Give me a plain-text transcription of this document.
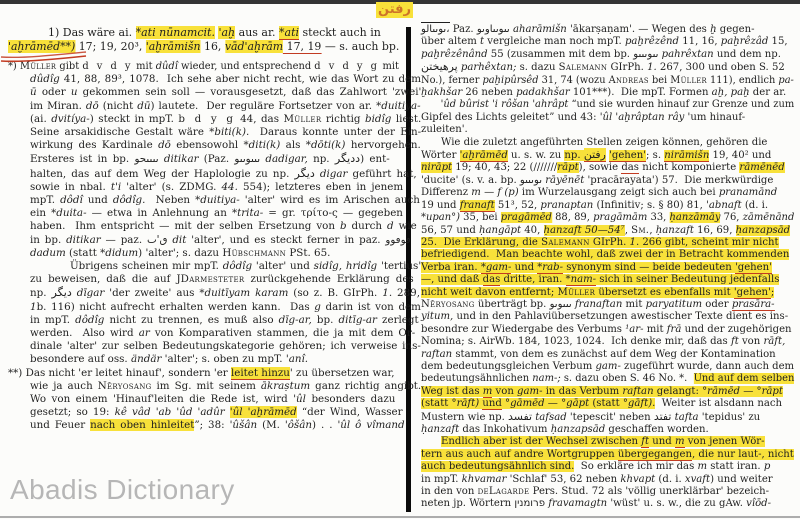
رفتن
1) Das wäre ai. *ati nūnamcit. 'aḫ aus ar. *ati steckt auch in
'aḫrāmēd**) 17; 19, 20³, 'aḫrāmišn 16, vād'aḫrām 17, 19 — s. auch bp.
*) Müller gibt d v d y mit dûdî wieder, und entsprechend d v d y g mit
dûdîg 41, 88, 89³, 1078.  Ich sehe aber nicht recht, wie das Wort zu dem
ū oder u gekommen sein soll — vorausgesetzt, daß das Zahlwort 'zwei'
im Miran. dō (nicht dū) lautete.  Der reguläre Fortsetzer von ar. *duitiya-
(ai. dvitíya-) steckt in mpT. b d y g 44, das Müller richtig bidîg liest.
Seine arsakidische Gestalt wäre *biti(k).  Daraus konnte unter der Ein-
wirkung des Kardinale dō ebensowohl *diti(k) als *dōti(k) hervorgehen.
Ersteres ist in bp. ٮٮٮٮحو ditikar (Paz. ٮٮٮوٮىو dadigar, np. دديگر) ent-
halten, das auf dem Weg der Haplologie zu np. ديگر digar geführt hat,
sowie in nbal. t'i 'alter' (s. ZDMG. 44. 554); letzteres eben in jenem
mpT. dôdî und dôdîg.  Neben *duitiya- 'alter' wird es im Arischen auch
ein *duita- — etwa in Anlehnung an *trita- = gr. τρίτο-ς — gegeben
haben.  Ihm entspricht — mit der selben Ersetzung von b durch d wie
in bp. ditikar — paz. ٯ'ٮ dit 'alter', und es steckt ferner in paz. ٯوٯوو
dadum (statt *didum) 'alter'; s. dazu Hübschmann PSt. 65.
Übrigens scheinen mir mpT. dôdîg 'alter' und sidîg, hridîg 'tertius'
zu beweisen, daß die auf JDarmesteter zurückgehende Erklärung des
np. ديگر dīgar 'der zweite' aus *duitīyam karam (so z. B. GIrPh. 1. 289,
1b. 116) nicht aufrecht erhalten werden kann.  Das g darin ist von dem
in mpT. dôdîg nicht zu trennen, es muß also dīg-ar, bp. ditīg-ar zerlegt
werden.  Also wird ar von Komparativen stammen, die ja mit dem Or-
dinale 'alter' zur selben Bedeutungskategorie gehören; ich verweise ins-
besondere auf oss. ändär 'alter'; s. oben zu mpT. 'anî.
**) Das nicht 'er leitet hinauf', sondern 'er leitet hinzu' zu übersetzen war,
wie ja auch Nēryosang im Sg. mit seinem ākraṣtum ganz richtig angibt.
Wo von einem 'Hinauf'leiten die Rede ist, wird 'ûl besonders dazu
gesetzt; so 19: kê vâd 'ab 'ûd 'adûr 'ûl 'aḫrāmēd “der Wind, Wasser
und Feuer nach oben hinleitet”; 38: 'ûšân (M. 'ôšân) . . 'ûl ô vîmand
ٮوٮٮالو، Paz. ٮٮوٮٮاوٮو aharāmišn 'ākarṣaṇam'. — Wegen des ḫ gegen-
über altem t vergleiche man noch mpT. paḫrêzênd 11, 16, paḫrêzâd 15,
paḫrêzênând 55 (zusammen mit dem bp. ٮٮوٮٮٮو pahrêxtan und dem np.
پرهيختن parhêxtan; s. dazu Salemann GIrPh. 1. 267, 300 und oben S. 52
No.), ferner paḫipûrsêd 31, 74 (wozu Andreas bei Müller 111), endlich pa-
ḫakhšar 26 neben padakhšar 101***).  Die mpT. Formen aḫ, paḫ der ar.
'ûd bûrist 'i rôšan 'ahrâpt “und sie wurden hinauf zur Grenze und zum
Gipfel des Lichts geleitet” und 43: 'ûl 'aḫrâptan rây 'um hinauf-
zuleiten'.
Wie die zuletzt angeführten Stellen zeigen können, gehören die
Wörter 'aḫrāmēd u. s. w. zu np. رفتن 'gehen'; s. nirāmišn 19, 40² und
nirāpt 19; 40, 43; 22 (///////rāpt), sowie das nicht komponierte rāmēnēd
'ducite' (s. v. a. bp. ٮوٮٮٮو rāyēnēt 'pracārayata') 57.  Die merkwürdige
Differenz m — f (p) im Wurzelausgang zeigt sich auch bei pranamānd
19 und franaft 51³, 52, pranaptan (Infinitiv; s. § 80) 81, 'abnaft (d. i.
*upan°) 35, bei pragāmēd 88, 89, pragāmām 33, ḥanzāmāy 76, zāmēnānd
56, 57 und ḥangāpt 40, ḥanzaft 50—54⁷, Sm., ḥanzaft 16, 69, ḥanzapsād
25.  Die Erklärung, die Salemann GIrPh. 1. 266 gibt, scheint mir nicht
befriedigend.  Man beachte wohl, daß zwei der in Betracht kommenden
Verba iran. *gam- und *rab- synonym sind — beide bedeuten 'gehen'
—, und daß das dritte, iran. *nam- sich in seiner Bedeutung jedenfalls
nicht weit davon entfernt; Müller übersetzt es ebenfalls mit 'gehen';
Nēryosang überträgt bp. ٮٮٮوٮو franaftan mit paryatitum oder prasāra-
yitum, und in den Pahlaviübersetzungen awestischer Texte dient es ins-
besondre zur Wiedergabe des Verbums ¹ar- mit frā und der zugehörigen
Nomina; s. AirWb. 184, 1023, 1024.  Ich denke mir, daß das ft von rāft,
raftan stammt, von dem es zunächst auf dem Weg der Kontamination
dem bedeutungsgleichen Verbum gam- zugeführt wurde, dann auch dem
bedeutungsähnlichen nam-; s. dazu oben S. 46 No. *.  Und auf dem selben
Weg ist das m von gam- in das Verbum raftan gelangt: °rāmēd — °rāpt
(statt °rāft) und °gāmēd — °gāpt (statt °gāft).  Weiter ist alsdann nach
Mustern wie np. تفسد tafsad 'tepescit' neben تفتد tafta 'tepidus' zu
ḥanzaft das Inkohativum ḥanzapsād geschaffen worden.
Endlich aber ist der Wechsel zwischen ft und m von jenen Wör-
tern aus auch auf andre Wortgruppen übergegangen, die nur laut-, nicht
auch bedeutungsähnlich sind.  So erkläre ich mir das m statt iran. p
in mpT. khvamar 'Schlaf' 53, 62 neben khvapt (d. i. xvaft) und weiter
in den von deLagarde Pers. Stud. 72 als 'völlig unerklärbar' bezeich-
neten jp. Wörtern פרומנין fravamagtn 'wüst' u. s. w., die zu gAw. vîōd-
Abadis Dictionary
